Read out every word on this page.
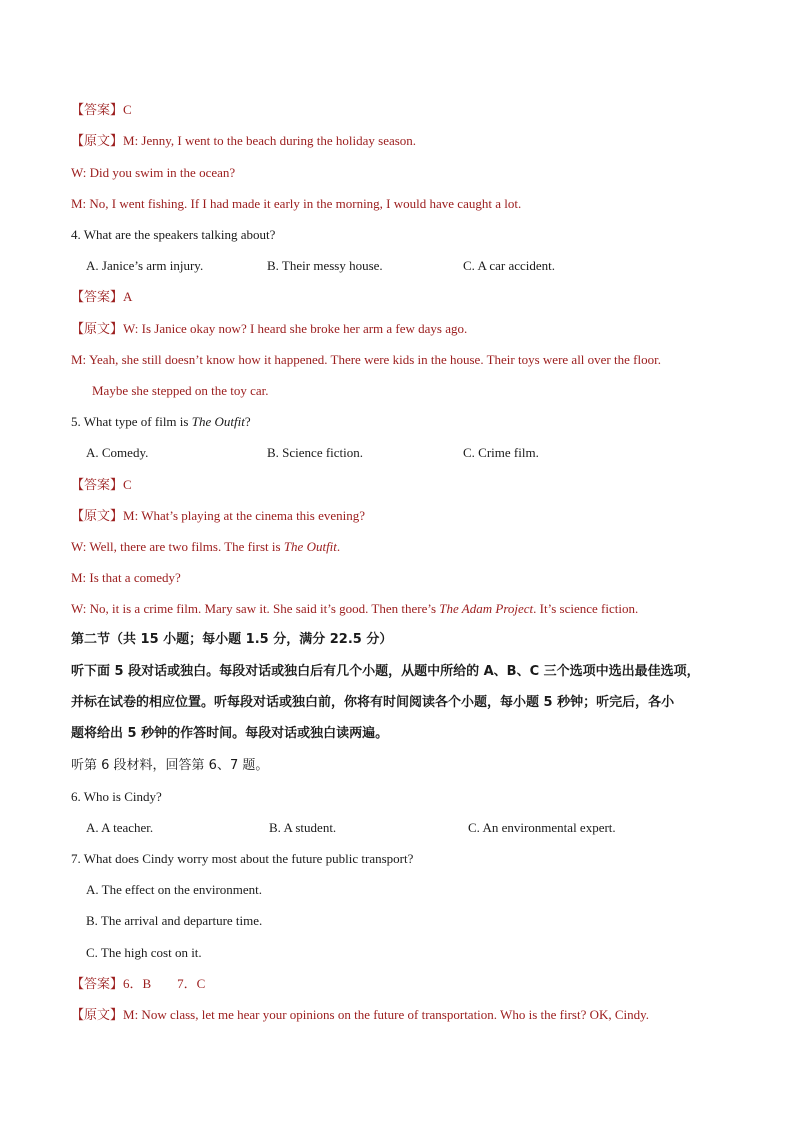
【答案】C
【原文】M: Jenny, I went to the beach during the holiday season.
W: Did you swim in the ocean?
M: No, I went fishing. If I had made it early in the morning, I would have caught a lot.
4. What are the speakers talking about?
A. Janice’s arm injury.	B. Their messy house.	C. A car accident.
【答案】A
【原文】W: Is Janice okay now? I heard she broke her arm a few days ago.
M: Yeah, she still doesn’t know how it happened. There were kids in the house. Their toys were all over the floor.
Maybe she stepped on the toy car.
5. What type of film is The Outfit?
A. Comedy.	B. Science fiction.	C. Crime film.
【答案】C
【原文】M: What’s playing at the cinema this evening?
W: Well, there are two films. The first is The Outfit.
M: Is that a comedy?
W: No, it is a crime film. Mary saw it. She said it’s good. Then there’s The Adam Project. It’s science fiction.
第二节（共 15 小题；每小题 1.5 分，满分 22.5 分）
听下面 5 段对话或独白。每段对话或独白后有几个小题，从题中所给的 A、B、C 三个选项中选出最佳选项，
并标在试卷的相应位置。听每段对话或独白前，你将有时间阅读各个小题，每小题 5 秒钟；听完后，各小
题将给出 5 秒钟的作答时间。每段对话或独白读两遍。
听第 6 段材料，回答第 6、7 题。
6. Who is Cindy?
A. A teacher.	B. A student.	C. An environmental expert.
7. What does Cindy worry most about the future public transport?
A. The effect on the environment.
B. The arrival and departure time.
C. The high cost on it.
【答案】6．B　　7．C
【原文】M: Now class, let me hear your opinions on the future of transportation. Who is the first? OK, Cindy.
